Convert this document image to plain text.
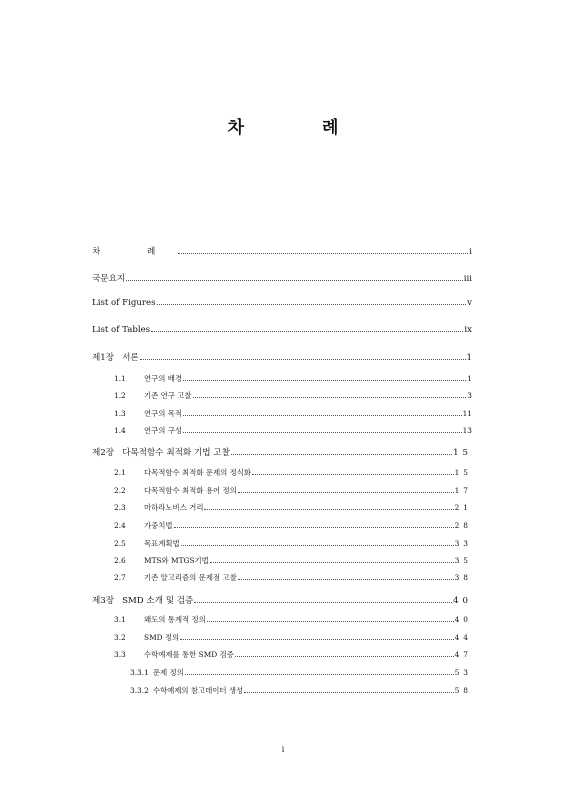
차 례
차 례	i
국문요지	iii
List of Figures	v
List of Tables	ix
제1장 서론	1
1.1	연구의 배경	1
1.2	기존 연구 고찰	3
1.3	연구의 목적	11
1.4	연구의 구성	13
제2장 다목적함수 최적화 기법 고찰	15
2.1	다목적함수 최적화 문제의 정식화	15
2.2	다목적함수 최적화 용어 정의	17
2.3	마하라노비스 거리	21
2.4	가중치법	28
2.5	목표계획법	33
2.6	MTS와 MTGS기법	35
2.7	기존 알고리즘의 문제점 고찰	38
제3장 SMD 소개 및 검증	40
3.1	왜도의 통계적 정의	40
3.2	SMD 정의	44
3.3	수학예제를 통한 SMD 검증	47
3.3.1 문제 정의	53
3.3.2 수학예제의 참고데이터 생성	58
i
